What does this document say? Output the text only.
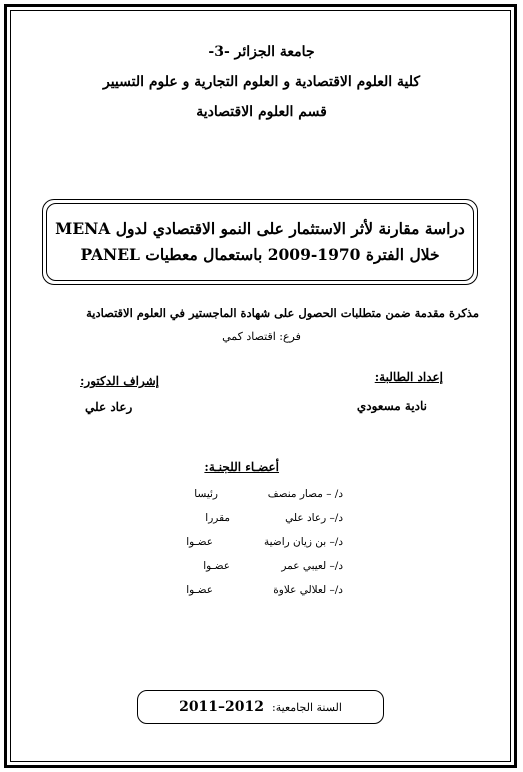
جامعة الجزائر -3-
كلية العلوم الاقتصادية و العلوم التجارية و علوم التسيير
قسم العلوم الاقتصادية
دراسة مقارنة لأثر الاستثمار على النمو الاقتصادي لدول MENA
خلال الفترة 1970-2009 باستعمال معطيات PANEL
مذكرة مقدمة ضمن متطلبات الحصول على شهادة الماجستير في العلوم الاقتصادية
فرع: اقتصاد كمي
إعداد الطالبة:
نادية مسعودي
إشراف الدكتور:
رعاد علي
أعضـاء اللجنـة:
د/ – مصار منصف
رئيسا
د/– رعاد علي
مقررا
د/– بن زيان راضية
عضـوا
د/– لعيبي عمر
عضـوا
د/– لعلالي علاوة
عضـوا
السنة الجامعية:
2011–2012
